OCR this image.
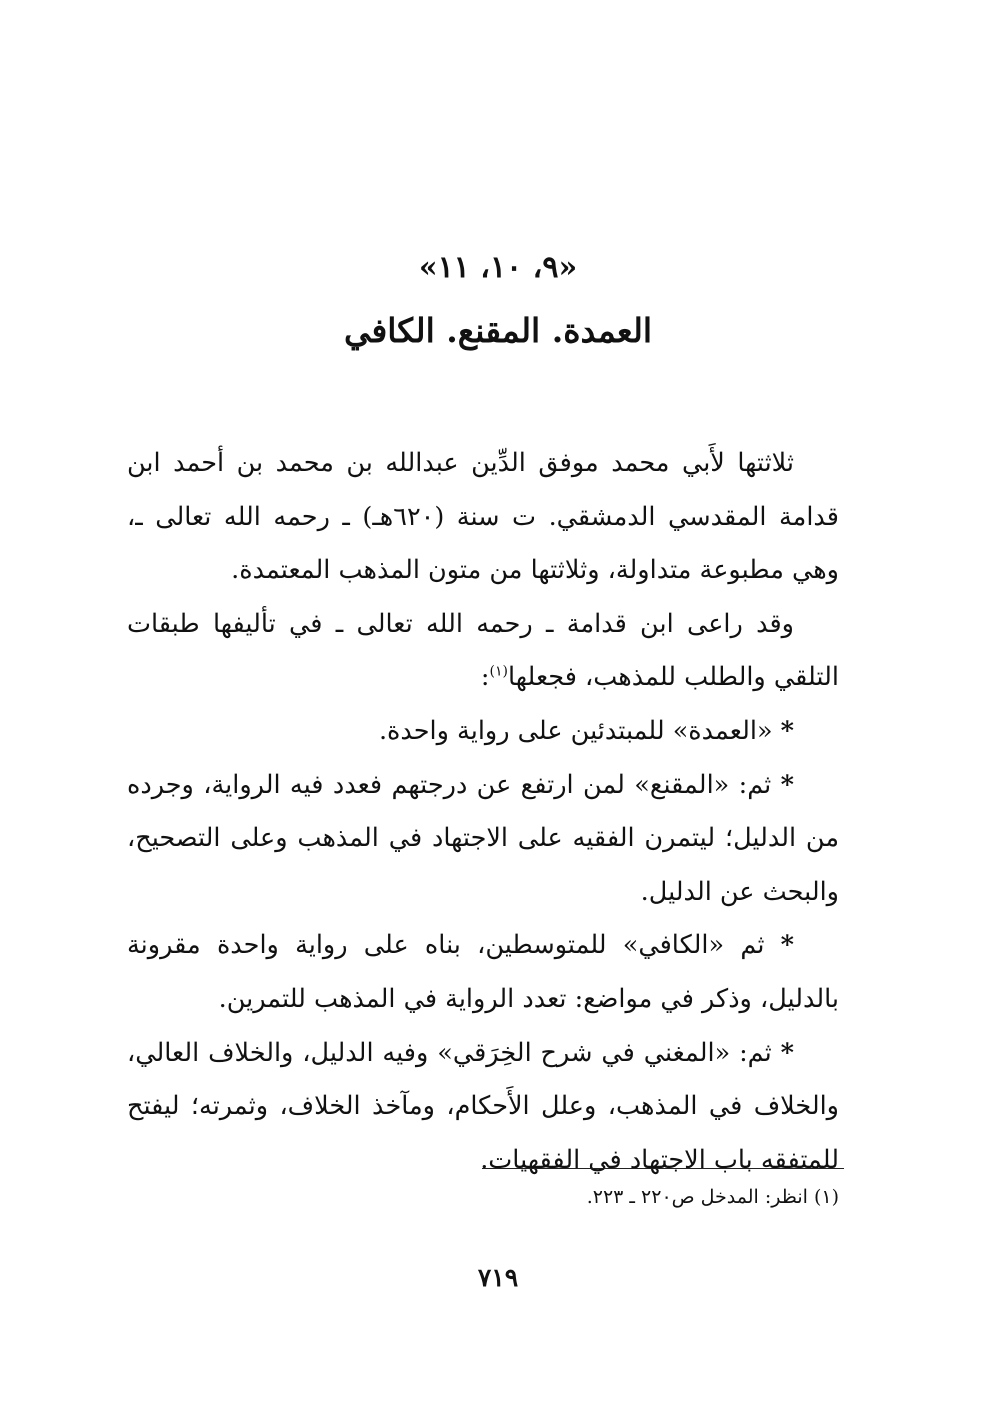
«٩، ١٠، ١١»
العمدة. المقنع. الكافي

ثلاثتها لأَبي محمد موفق الدِّين عبدالله بن محمد بن أحمد ابن قدامة المقدسي الدمشقي. ت سنة (٦٢٠هـ) ـ رحمه الله تعالى ـ، وهي مطبوعة متداولة، وثلاثتها من متون المذهب المعتمدة.

وقد راعى ابن قدامة ـ رحمه الله تعالى ـ في تأليفها طبقات التلقي والطلب للمذهب، فجعلها$^{(١)}$:

* «العمدة» للمبتدئين على رواية واحدة.

* ثم: «المقنع» لمن ارتفع عن درجتهم فعدد فيه الرواية، وجرده من الدليل؛ ليتمرن الفقيه على الاجتهاد في المذهب وعلى التصحيح، والبحث عن الدليل.

* ثم «الكافي» للمتوسطين، بناه على رواية واحدة مقرونة بالدليل، وذكر في مواضع: تعدد الرواية في المذهب للتمرين.

* ثم: «المغني في شرح الخِرَقي» وفيه الدليل، والخلاف العالي، والخلاف في المذهب، وعلل الأَحكام، ومآخذ الخلاف، وثمرته؛ ليفتح للمتفقه باب الاجتهاد في الفقهيات.

(١) انظر: المدخل ص٢٢٠ ـ ٢٢٣.
٧١٩
